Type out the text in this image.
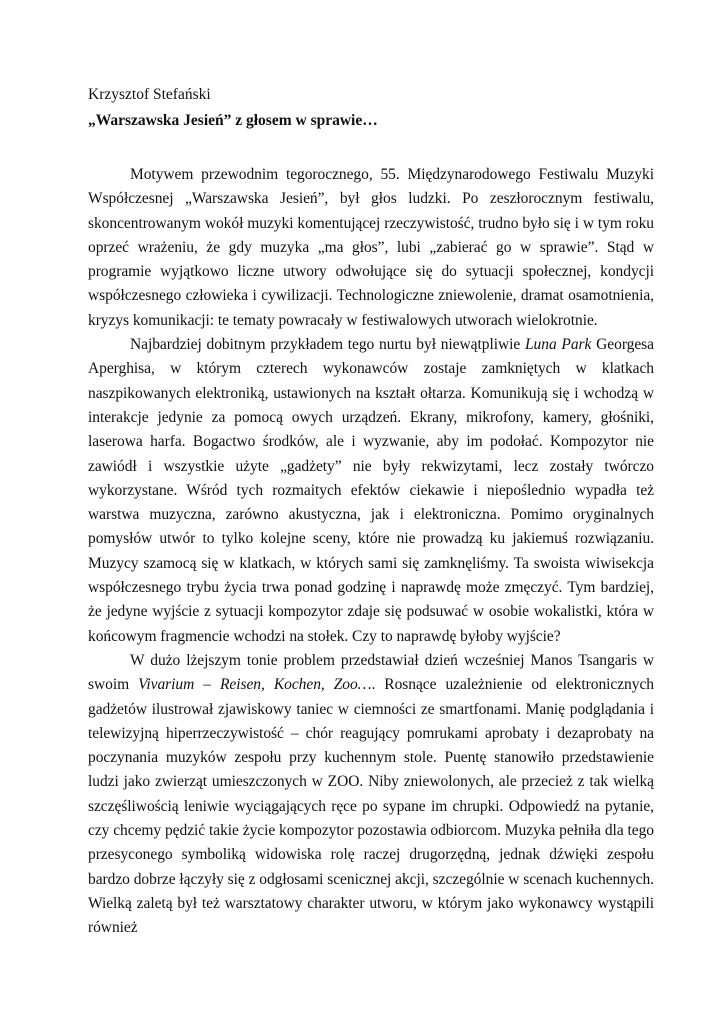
Krzysztof Stefański

„Warszawska Jesień” z głosem w sprawie…

Motywem przewodnim tegorocznego, 55. Międzynarodowego Festiwalu Muzyki Współczesnej „Warszawska Jesień”, był głos ludzki. Po zeszłorocznym festiwalu, skoncentrowanym wokół muzyki komentującej rzeczywistość, trudno było się i w tym roku oprzeć wrażeniu, że gdy muzyka „ma głos”, lubi „zabierać go w sprawie”. Stąd w programie wyjątkowo liczne utwory odwołujące się do sytuacji społecznej, kondycji współczesnego człowieka i cywilizacji. Technologiczne zniewolenie, dramat osamotnienia, kryzys komunikacji: te tematy powracały w festiwalowych utworach wielokrotnie.

Najbardziej dobitnym przykładem tego nurtu był niewątpliwie Luna Park Georgesa Aperghisa, w którym czterech wykonawców zostaje zamkniętych w klatkach naszpikowanych elektroniką, ustawionych na kształt ołtarza. Komunikują się i wchodzą w interakcje jedynie za pomocą owych urządzeń. Ekrany, mikrofony, kamery, głośniki, laserowa harfa. Bogactwo środków, ale i wyzwanie, aby im podołać. Kompozytor nie zawiódł i wszystkie użyte „gadżety” nie były rekwizytami, lecz zostały twórczo wykorzystane. Wśród tych rozmaitych efektów ciekawie i niepoślednio wypadła też warstwa muzyczna, zarówno akustyczna, jak i elektroniczna. Pomimo oryginalnych pomysłów utwór to tylko kolejne sceny, które nie prowadzą ku jakiemuś rozwiązaniu. Muzycy szamocą się w klatkach, w których sami się zamknęliśmy. Ta swoista wiwisekcja współczesnego trybu życia trwa ponad godzinę i naprawdę może zmęczyć. Tym bardziej, że jedyne wyjście z sytuacji kompozytor zdaje się podsuwać w osobie wokalistki, która w końcowym fragmencie wchodzi na stołek. Czy to naprawdę byłoby wyjście?

W dużo lżejszym tonie problem przedstawiał dzień wcześniej Manos Tsangaris w swoim Vivarium – Reisen, Kochen, Zoo…. Rosnące uzależnienie od elektronicznych gadżetów ilustrował zjawiskowy taniec w ciemności ze smartfonami. Manię podglądania i telewizyjną hiperrzeczywistość – chór reagujący pomrukami aprobaty i dezaprobaty na poczynania muzyków zespołu przy kuchennym stole. Puentę stanowiło przedstawienie ludzi jako zwierząt umieszczonych w ZOO. Niby zniewolonych, ale przecież z tak wielką szczęśliwością leniwie wyciągających ręce po sypane im chrupki. Odpowiedź na pytanie, czy chcemy pędzić takie życie kompozytor pozostawia odbiorcom. Muzyka pełniła dla tego przesyconego symboliką widowiska rolę raczej drugorzędną, jednak dźwięki zespołu bardzo dobrze łączyły się z odgłosami scenicznej akcji, szczególnie w scenach kuchennych. Wielką zaletą był też warsztatowy charakter utworu, w którym jako wykonawcy wystąpili również
